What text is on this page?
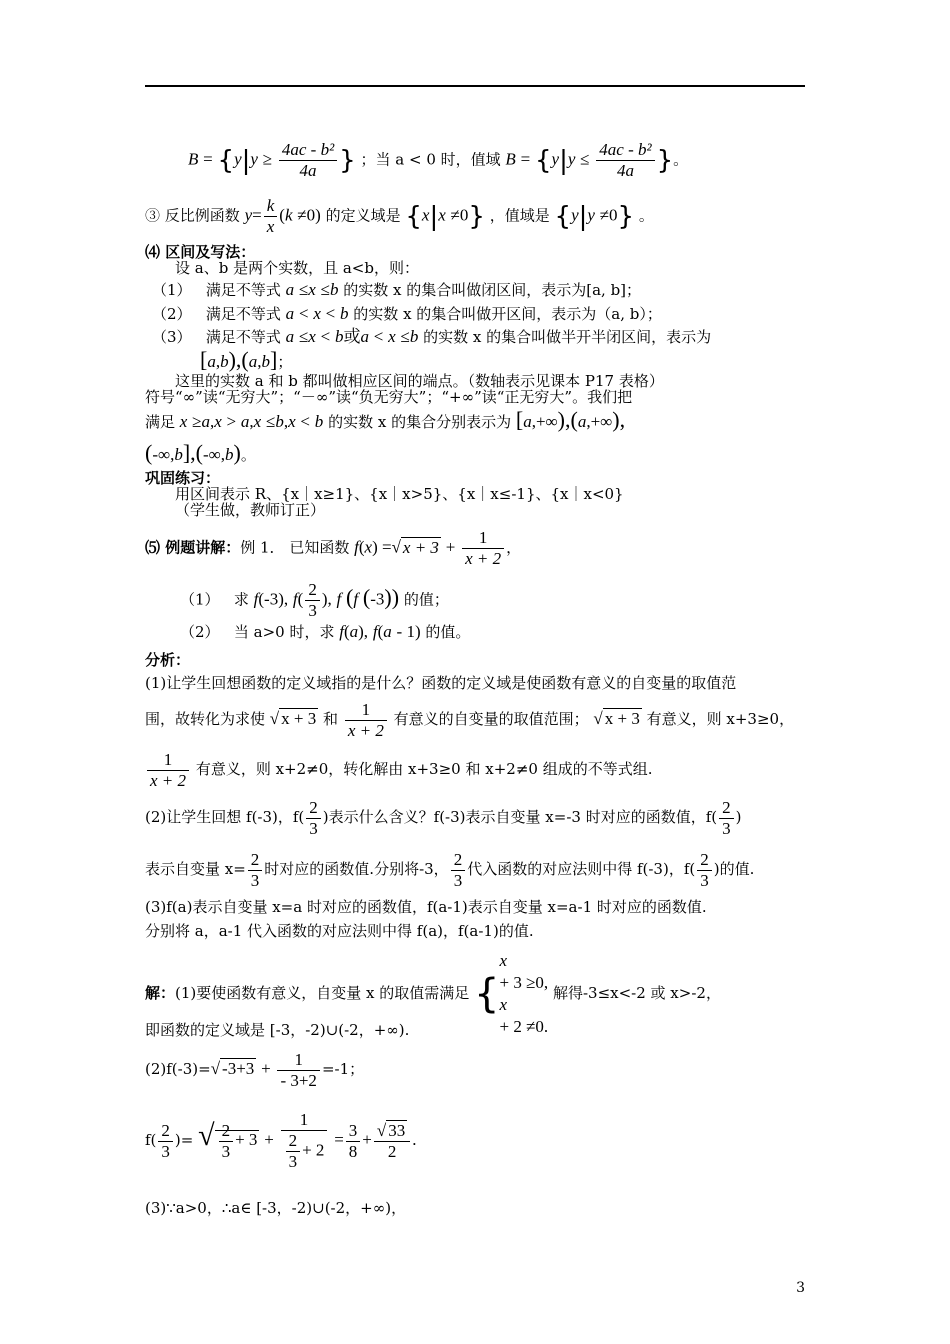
$B = \{y|y \ge \frac{\text{4ac - b²}}{4a}$ } ；当 a < 0 时，值域 $B = \{y|y \le \frac{\text{4ac - b²}}{4a}$ }。
③ 反比例函数 $y= \frac{k}{x} (k \ne 0)$ 的定义域是 {x|x ≠0} ，值域是 {y|y ≠0} 。
⑷ 区间及写法：
设 a、b 是两个实数，且 a<b，则：
（1） 满足不等式 a ≤x ≤b 的实数 x 的集合叫做闭区间，表示为[a, b]；
（2） 满足不等式 a < x < b 的实数 x 的集合叫做开区间，表示为（a, b）；
（3） 满足不等式 a ≤x < b或a < x ≤b 的实数 x 的集合叫做半开半闭区间，表示为
[a,b),(a,b]；
这里的实数 a 和 b 都叫做相应区间的端点。（数轴表示见课本 P17 表格）
符号“∞”读“无穷大”；“－∞”读“负无穷大”；“+∞”读“正无穷大”。我们把
满足 x ≥a,x > a,x ≤b,x < b 的实数 x 的集合分别表示为 [a,+∞),(a,+∞),
(-∞,b],(-∞,b)。
巩固练习：
用区间表示 R、{x｜x≥1}、{x｜x>5}、{x｜x≤-1}、{x｜x<0}
（学生做，教师订正）
⑸ 例题讲解：例 1． 已知函数 f(x) =√ $x + 3 + \frac{1}{x + 2}$ ，
（1） 求 f(-3), $f( \frac{2}{3}$ ), f (f (-3)) 的值；
（2） 当 a>0 时，求 f(a), f(a - 1) 的值。
分析：
(1)让学生回想函数的定义域指的是什么？函数的定义域是使函数有意义的自变量的取值范
围，故转化为求使 √ x + 3 和 $\frac{1}{x + 2}$ 有意义的自变量的取值范围； √ x + 3 有意义，则 x+3≥0，
$\frac{1}{x + 2}$ 有意义，则 x+2≠0，转化解由 x+3≥0 和 x+2≠0 组成的不等式组.
(2)让学生回想 f(-3)，$f( \frac{2}{3}$ )表示什么含义？f(-3)表示自变量 x=-3 时对应的函数值，$f( \frac{2}{3}$ )
表示自变量 $x= \frac{2}{3}$ 时对应的函数值.分别将-3， $\frac{2}{3}$ 代入函数的对应法则中得 f(-3)，$f( \frac{2}{3}$ )的值.
(3)f(a)表示自变量 x=a 时对应的函数值，f(a-1)表示自变量 x=a-1 时对应的函数值.
分别将 a，a-1 代入函数的对应法则中得 f(a)，f(a-1)的值.
解：(1)要使函数有意义，自变量 x 的取值需满足 {
x
+ 3 ≥0,
x
+ 2 ≠0.
解得-3≤x<-2 或 x>-2，
即函数的定义域是 [-3，-2)∪(-2，+∞).
(2)f(-3)=√ $-3+3 + \frac{1}{- 3+2} =-1$；
$f( \frac{2}{3}$ )= √ $\frac{2}{3} + 3 + \frac{1}{\frac{2}{3} + 2} = \frac{3}{8} + \frac{√ 33}{2}$ .
(3)∵a>0，∴a∈ [-3，-2)∪(-2，+∞)，
3
